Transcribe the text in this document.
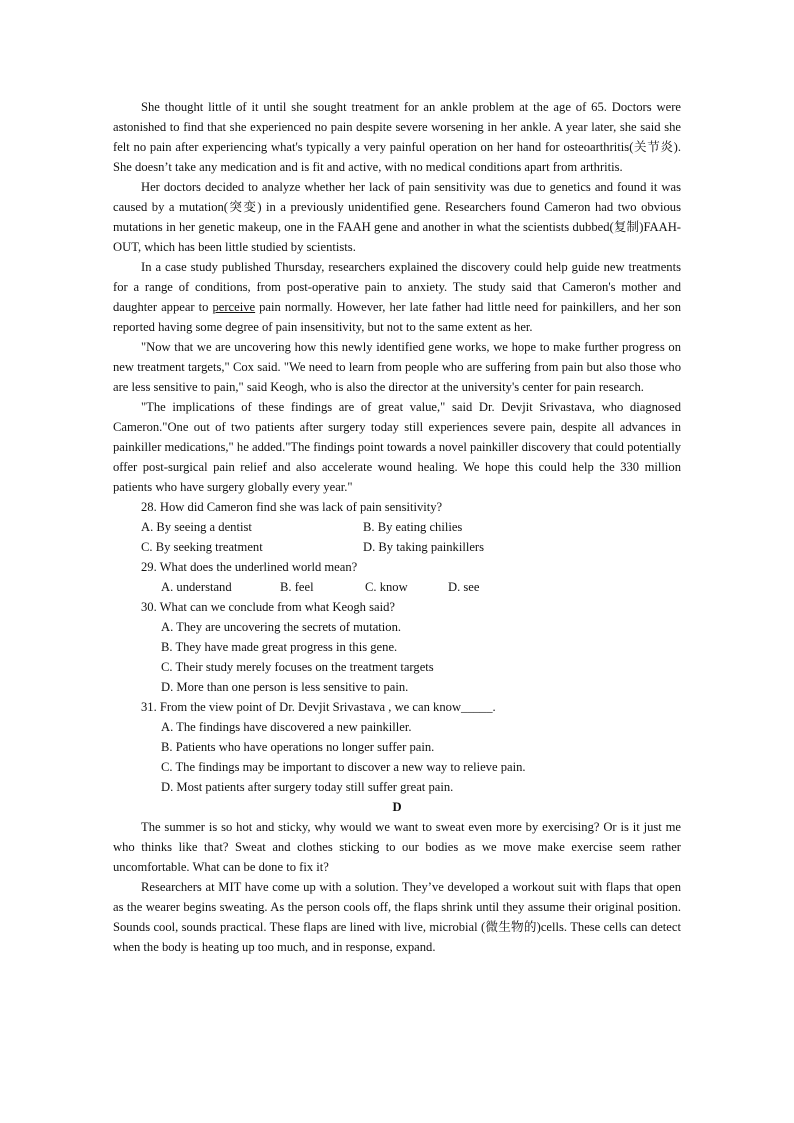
She thought little of it until she sought treatment for an ankle problem at the age of 65. Doctors were astonished to find that she experienced no pain despite severe worsening in her ankle. A year later, she said she felt no pain after experiencing what's typically a very painful operation on her hand for osteoarthritis(关节炎). She doesn’t take any medication and is fit and active, with no medical conditions apart from arthritis.

Her doctors decided to analyze whether her lack of pain sensitivity was due to genetics and found it was caused by a mutation(突变) in a previously unidentified gene. Researchers found Cameron had two obvious mutations in her genetic makeup, one in the FAAH gene and another in what the scientists dubbed(复制)FAAH-OUT, which has been little studied by scientists.

In a case study published Thursday, researchers explained the discovery could help guide new treatments for a range of conditions, from post-operative pain to anxiety. The study said that Cameron's mother and daughter appear to perceive pain normally. However, her late father had little need for painkillers, and her son reported having some degree of pain insensitivity, but not to the same extent as her.

"Now that we are uncovering how this newly identified gene works, we hope to make further progress on new treatment targets," Cox said. "We need to learn from people who are suffering from pain but also those who are less sensitive to pain," said Keogh, who is also the director at the university's center for pain research.

"The implications of these findings are of great value," said Dr. Devjit Srivastava, who diagnosed Cameron."One out of two patients after surgery today still experiences severe pain, despite all advances in painkiller medications," he added."The findings point towards a novel painkiller discovery that could potentially offer post-surgical pain relief and also accelerate wound healing. We hope this could help the 330 million patients who have surgery globally every year."

28. How did Cameron find she was lack of pain sensitivity?

A. By seeing a dentist	B. By eating chilies
C. By seeking treatment	D. By taking painkillers

29. What does the underlined world mean?

A. understand	B. feel	C. know	D. see

30. What can we conclude from what Keogh said?

A. They are uncovering the secrets of mutation.

B. They have made great progress in this gene.

C. Their study merely focuses on the treatment targets

D. More than one person is less sensitive to pain.

31. From the view point of Dr. Devjit Srivastava , we can know_____.

A. The findings have discovered a new painkiller.

B. Patients who have operations no longer suffer pain.

C. The findings may be important to discover a new way to relieve pain.

D. Most patients after surgery today still suffer great pain.

D

The summer is so hot and sticky, why would we want to sweat even more by exercising? Or is it just me who thinks like that? Sweat and clothes sticking to our bodies as we move make exercise seem rather uncomfortable. What can be done to fix it?

Researchers at MIT have come up with a solution. They’ve developed a workout suit with flaps that open as the wearer begins sweating. As the person cools off, the flaps shrink until they assume their original position. Sounds cool, sounds practical. These flaps are lined with live, microbial (微生物的)cells. These cells can detect when the body is heating up too much, and in response, expand.
